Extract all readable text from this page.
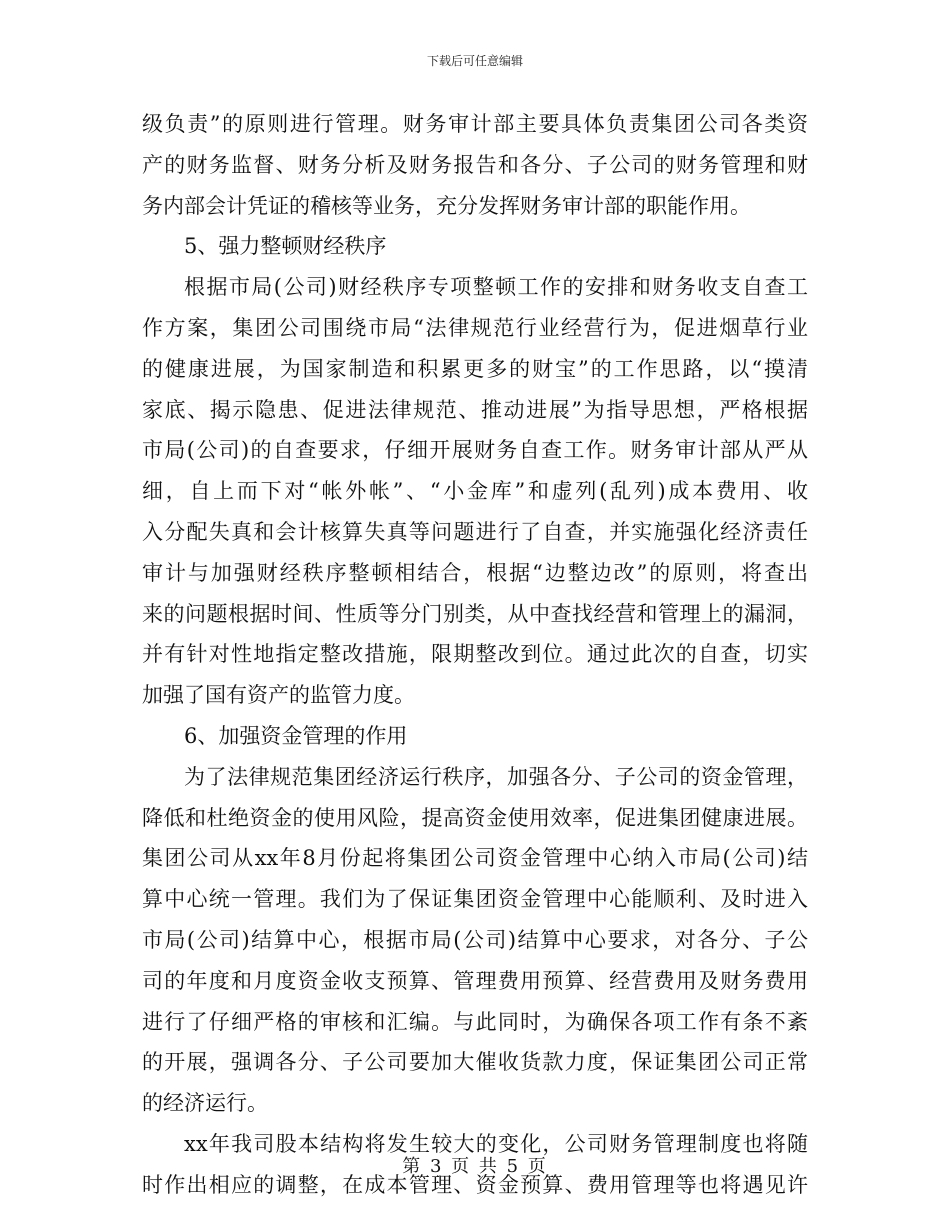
下载后可任意编辑
级负责”的原则进行管理。财务审计部主要具体负责集团公司各类资
产的财务监督、财务分析及财务报告和各分、子公司的财务管理和财
务内部会计凭证的稽核等业务，充分发挥财务审计部的职能作用。
5、强力整顿财经秩序
根据市局(公司)财经秩序专项整顿工作的安排和财务收支自查工
作方案，集团公司围绕市局“法律规范行业经营行为，促进烟草行业
的健康进展，为国家制造和积累更多的财宝”的工作思路，以“摸清
家底、揭示隐患、促进法律规范、推动进展”为指导思想，严格根据
市局(公司)的自查要求，仔细开展财务自查工作。财务审计部从严从
细，自上而下对“帐外帐”、“小金库”和虚列(乱列)成本费用、收
入分配失真和会计核算失真等问题进行了自查，并实施强化经济责任
审计与加强财经秩序整顿相结合，根据“边整边改”的原则，将查出
来的问题根据时间、性质等分门别类，从中查找经营和管理上的漏洞，
并有针对性地指定整改措施，限期整改到位。通过此次的自查，切实
加强了国有资产的监管力度。
6、加强资金管理的作用
为了法律规范集团经济运行秩序，加强各分、子公司的资金管理，
降低和杜绝资金的使用风险，提高资金使用效率，促进集团健康进展。
集团公司从xx年8月份起将集团公司资金管理中心纳入市局(公司)结
算中心统一管理。我们为了保证集团资金管理中心能顺利、及时进入
市局(公司)结算中心，根据市局(公司)结算中心要求，对各分、子公
司的年度和月度资金收支预算、管理费用预算、经营费用及财务费用
进行了仔细严格的审核和汇编。与此同时，为确保各项工作有条不紊
的开展，强调各分、子公司要加大催收货款力度，保证集团公司正常
的经济运行。
xx年我司股本结构将发生较大的变化，公司财务管理制度也将随
时作出相应的调整，在成本管理、资金预算、费用管理等也将遇见许
第 3 页 共 5 页
